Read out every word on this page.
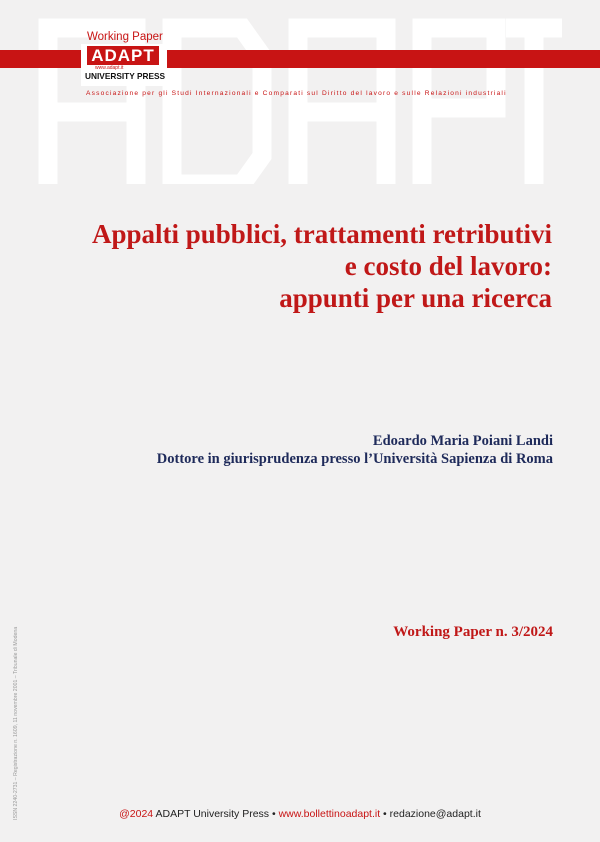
Working Paper
ADAPT
www.adapt.it
UNIVERSITY PRESS
Associazione per gli Studi Internazionali e Comparati sul Diritto del lavoro e sulle Relazioni industriali
Appalti pubblici, trattamenti retributivi
e costo del lavoro:
appunti per una ricerca
Edoardo Maria Poiani Landi
Dottore in giurisprudenza presso l’Università Sapienza di Roma
Working Paper n. 3/2024
ISSN 2240-2731 – Registrazione n. 1609, 11 novembre 2001 – Tribunale di Modena	@2024 ADAPT University Press • www.bollettinoadapt.it • redazione@adapt.it
